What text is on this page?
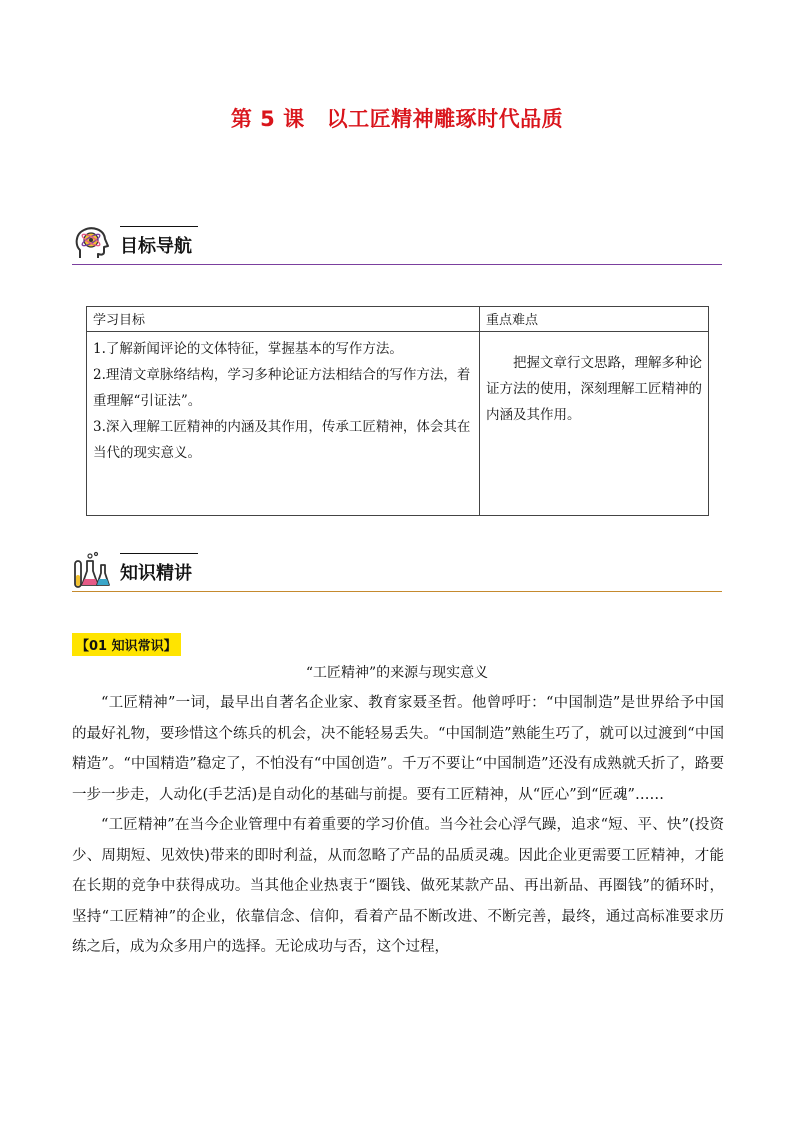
第 5 课 以工匠精神雕琢时代品质
目标导航
学习目标	重点难点

1.了解新闻评论的文体特征，掌握基本的写作方法。

2.理清文章脉络结构，学习多种论证方法相结合的写作方法，着重理解“引证法”。

3.深入理解工匠精神的内涵及其作用，传承工匠精神，体会其在当代的现实意义。	把握文章行文思路，理解多种论证方法的使用，深刻理解工匠精神的内涵及其作用。

知识精讲
【01 知识常识】
“工匠精神”的来源与现实意义

“工匠精神”一词，最早出自著名企业家、教育家聂圣哲。他曾呼吁：“中国制造”是世界给予中国的最好礼物，要珍惜这个练兵的机会，决不能轻易丢失。“中国制造”熟能生巧了，就可以过渡到“中国精造”。“中国精造”稳定了，不怕没有“中国创造”。千万不要让“中国制造”还没有成熟就夭折了，路要一步一步走，人动化(手艺活)是自动化的基础与前提。要有工匠精神，从“匠心”到“匠魂”……

“工匠精神”在当今企业管理中有着重要的学习价值。当今社会心浮气躁，追求“短、平、快”(投资少、周期短、见效快)带来的即时利益，从而忽略了产品的品质灵魂。因此企业更需要工匠精神，才能在长期的竞争中获得成功。当其他企业热衷于“圈钱、做死某款产品、再出新品、再圈钱”的循环时，坚持“工匠精神”的企业，依靠信念、信仰，看着产品不断改进、不断完善，最终，通过高标准要求历练之后，成为众多用户的选择。无论成功与否，这个过程，
